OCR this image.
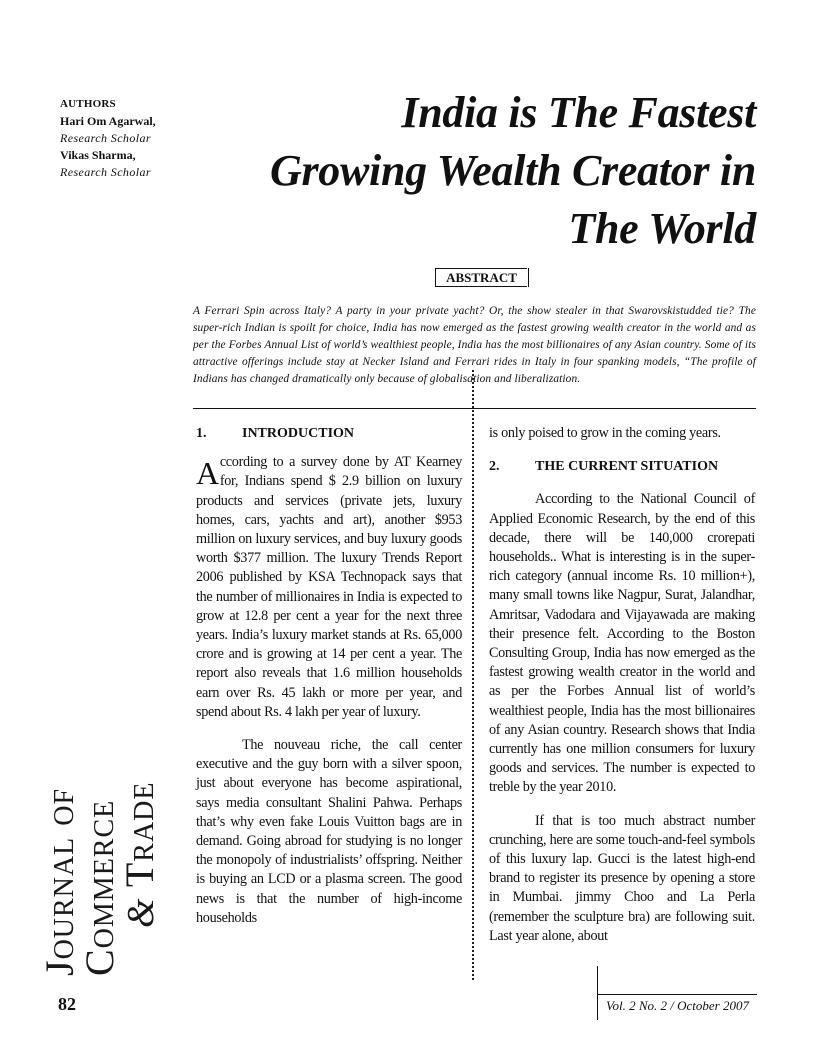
AUTHORS
Hari Om Agarwal,
Research Scholar
Vikas Sharma,
Research Scholar
India is The Fastest
Growing Wealth Creator in
The World
ABSTRACT
A Ferrari Spin across Italy? A party in your private yacht? Or, the show stealer in that Swarovskistudded tie? The super-rich Indian is spoilt for choice, India has now emerged as the fastest growing wealth creator in the world and as per the Forbes Annual List of world’s wealthiest people, India has the most billionaires of any Asian country. Some of its attractive offerings include stay at Necker Island and Ferrari rides in Italy in four spanking models, “The profile of Indians has changed dramatically only because of globalisation and liberalization.
1.	INTRODUCTION

According to a survey done by AT Kearney for, Indians spend $ 2.9 billion on luxury products and services (private jets, luxury homes, cars, yachts and art), another $953 million on luxury services, and buy luxury goods worth $377 million. The luxury Trends Report 2006 published by KSA Technopack says that the number of millionaires in India is expected to grow at 12.8 per cent a year for the next three years. India’s luxury market stands at Rs. 65,000 crore and is growing at 14 per cent a year. The report also reveals that 1.6 million households earn over Rs. 45 lakh or more per year, and spend about Rs. 4 lakh per year of luxury.

The nouveau riche, the call center executive and the guy born with a silver spoon, just about everyone has become aspirational, says media consultant Shalini Pahwa. Perhaps that’s why even fake Louis Vuitton bags are in demand. Going abroad for studying is no longer the monopoly of industrialists’ offspring. Neither is buying an LCD or a plasma screen. The good news is that the number of high-income households

is only poised to grow in the coming years.
2.	THE CURRENT SITUATION

According to the National Council of Applied Economic Research, by the end of this decade, there will be 140,000 crorepati households.. What is interesting is in the super-rich category (annual income Rs. 10 million+), many small towns like Nagpur, Surat, Jalandhar, Amritsar, Vadodara and Vijayawada are making their presence felt. According to the Boston Consulting Group, India has now emerged as the fastest growing wealth creator in the world and as per the Forbes Annual list of world’s wealthiest people, India has the most billionaires of any Asian country. Research shows that India currently has one million consumers for luxury goods and services. The number is expected to treble by the year 2010.

If that is too much abstract number crunching, here are some touch-and-feel symbols of this luxury lap. Gucci is the latest high-end brand to register its presence by opening a store in Mumbai. jimmy Choo and La Perla (remember the sculpture bra) are following suit. Last year alone, about

Journal of
Commerce
& Trade
82	Vol. 2 No. 2 / October 2007
